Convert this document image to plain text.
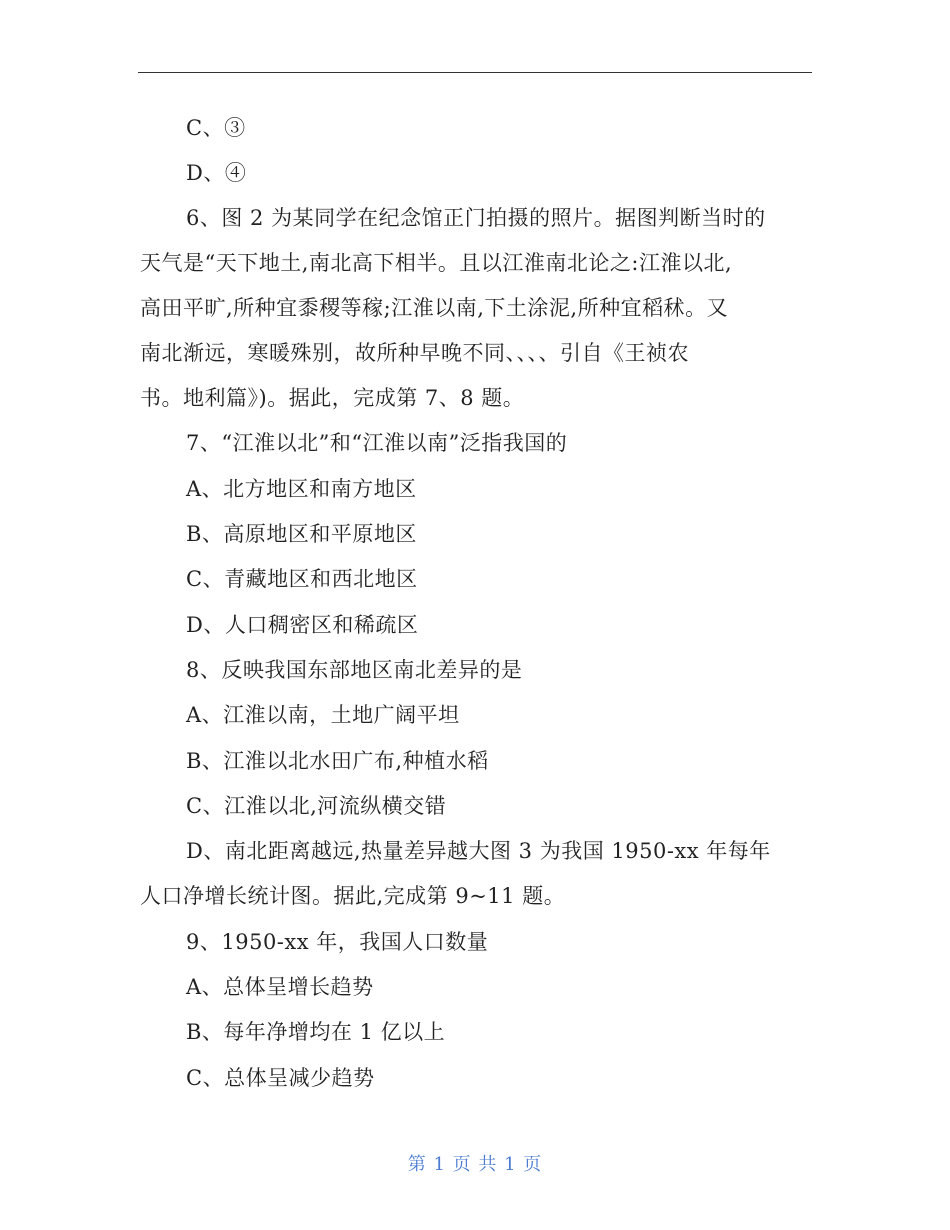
C、③
D、④
6、图 2 为某同学在纪念馆正门拍摄的照片。据图判断当时的
天气是“天下地土,南北高下相半。且以江淮南北论之:江淮以北,
高田平旷,所种宜黍稷等稼;江淮以南,下土涂泥,所种宜稻秫。又
南北渐远，寒暖殊别，故所种早晚不同、、、、引自《王祯农
书。地利篇》)。据此，完成第 7、8 题。
7、“江淮以北”和“江淮以南”泛指我国的
A、北方地区和南方地区
B、高原地区和平原地区
C、青藏地区和西北地区
D、人口稠密区和稀疏区
8、反映我国东部地区南北差异的是
A、江淮以南，土地广阔平坦
B、江淮以北水田广布,种植水稻
C、江淮以北,河流纵横交错
D、南北距离越远,热量差异越大图 3 为我国 1950-xx 年每年
人口净增长统计图。据此,完成第 9~11 题。
9、1950-xx 年，我国人口数量
A、总体呈增长趋势
B、每年净增均在 1 亿以上
C、总体呈减少趋势
第 1 页 共 1 页
